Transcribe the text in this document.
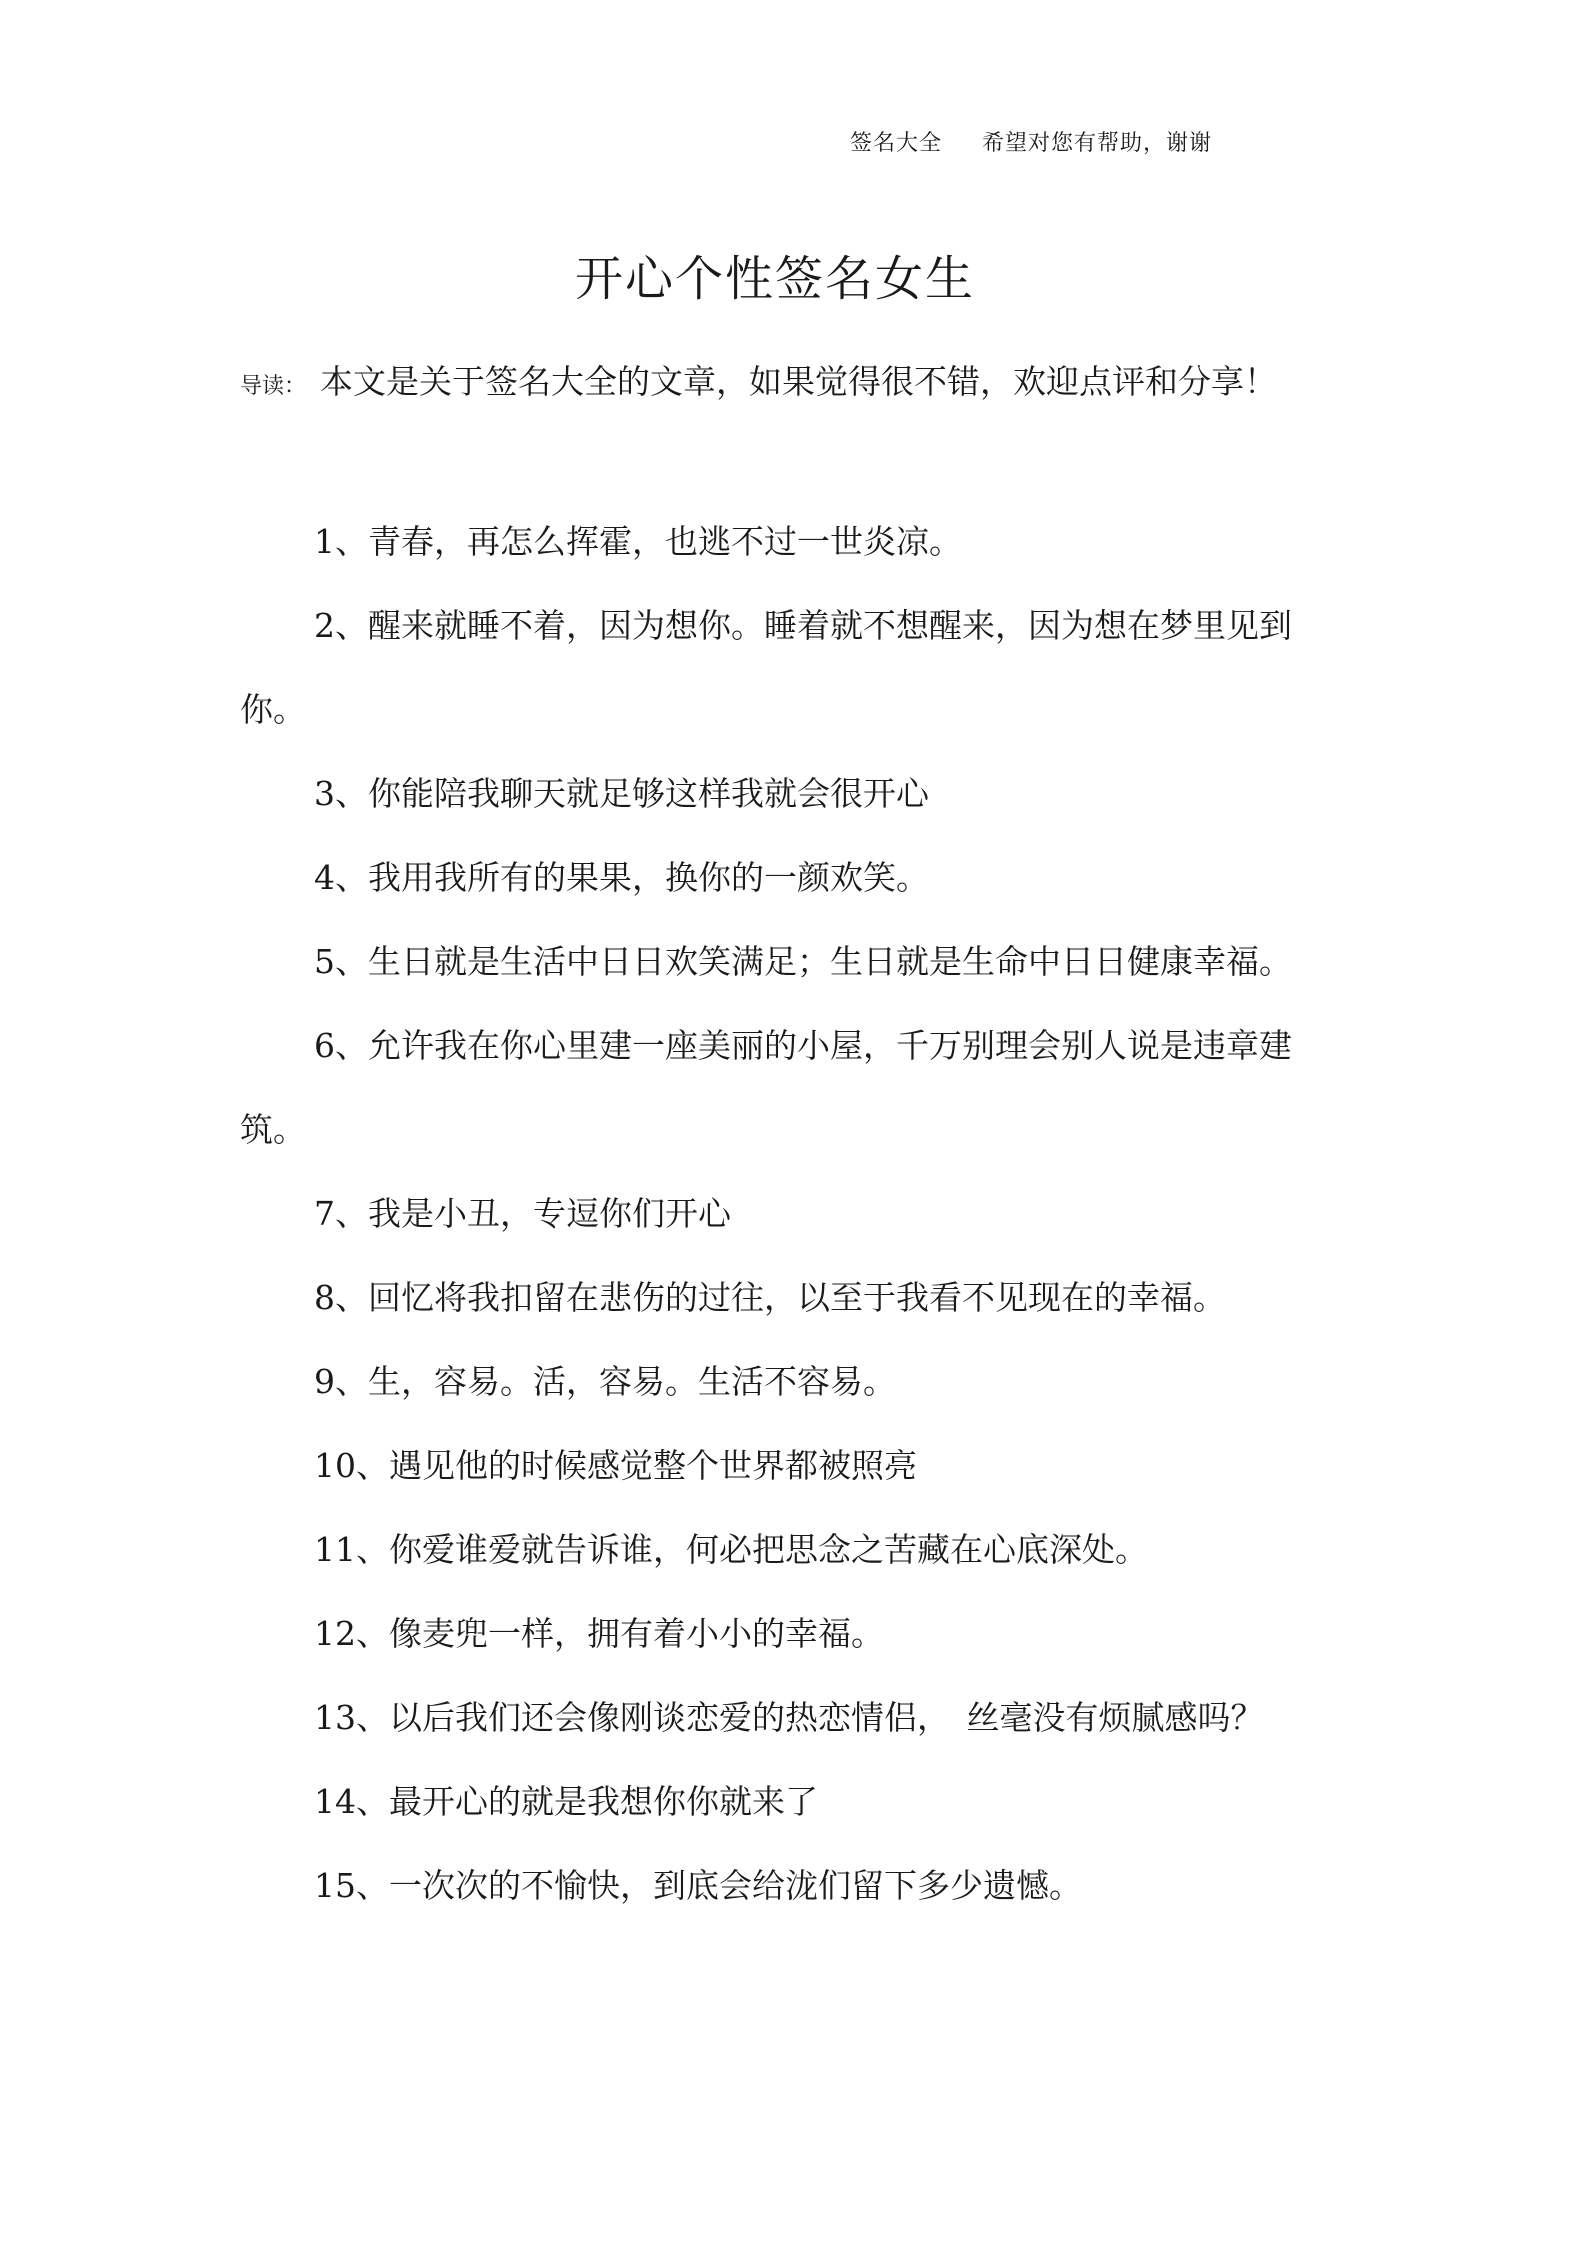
签名大全 希望对您有帮助，谢谢
开心个性签名女生
导读： 本文是关于签名大全的文章，如果觉得很不错，欢迎点评和分享！
1、青春，再怎么挥霍，也逃不过一世炎凉。
2、醒来就睡不着，因为想你。睡着就不想醒来，因为想在梦里见到你。
3、你能陪我聊天就足够这样我就会很开心
4、我用我所有的果果，换你的一颜欢笑。
5、生日就是生活中日日欢笑满足；生日就是生命中日日健康幸福。
6、允许我在你心里建一座美丽的小屋，千万别理会别人说是违章建筑。
7、我是小丑，专逗你们开心
8、回忆将我扣留在悲伤的过往，以至于我看不见现在的幸福。
9、生，容易。活，容易。生活不容易。
10、遇见他的时候感觉整个世界都被照亮
11、你爱谁爱就告诉谁，何必把思念之苦藏在心底深处。
12、像麦兜一样，拥有着小小的幸福。
13、以后我们还会像刚谈恋爱的热恋情侣，　丝毫没有烦腻感吗？
14、最开心的就是我想你你就来了
15、一次次的不愉快，到底会给泷们留下多少遗憾。
